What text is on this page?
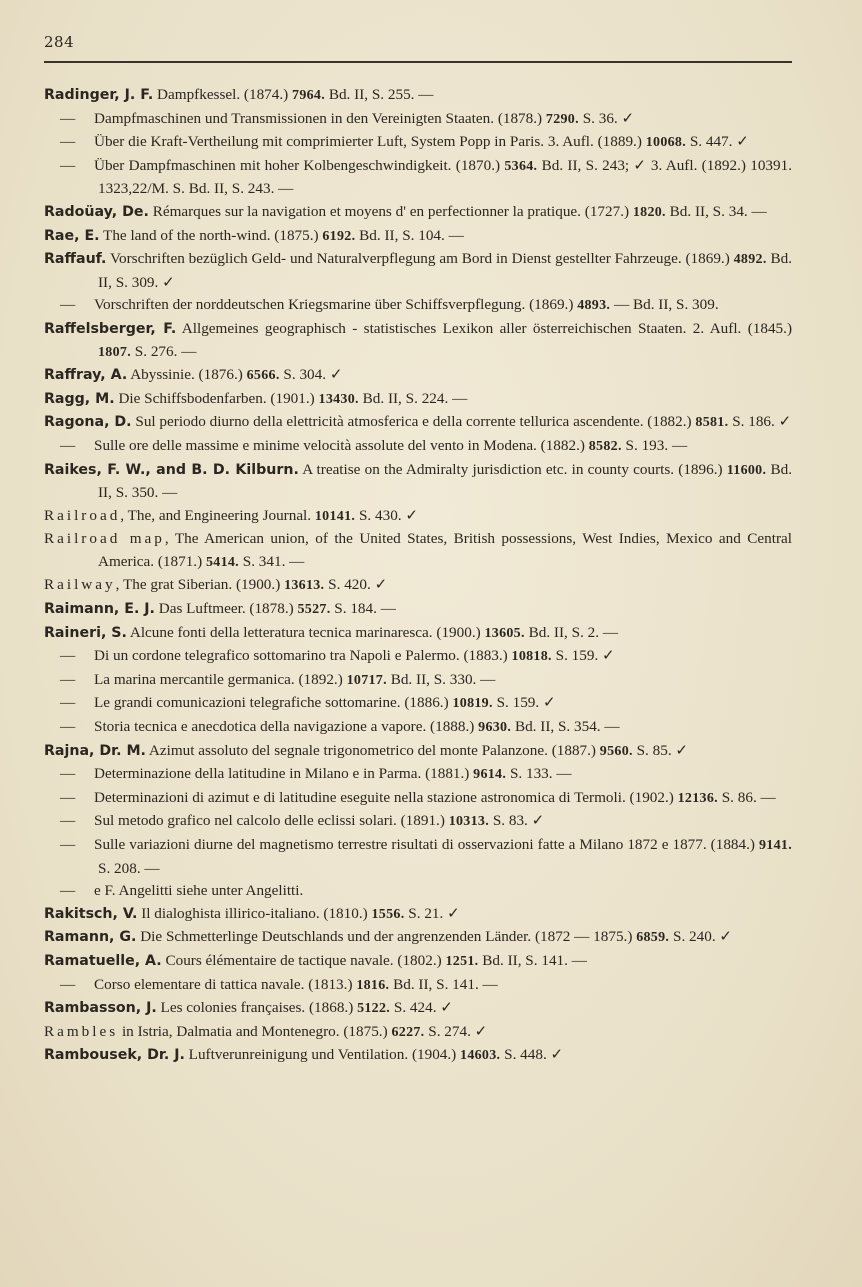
284

Radinger, J. F. Dampfkessel. (1874.) 7964. Bd. II, S. 255. —

— Dampfmaschinen und Transmissionen in den Vereinigten Staaten. (1878.) 7290. S. 36. ✓

— Über die Kraft-Vertheilung mit comprimierter Luft, System Popp in Paris. 3. Aufl. (1889.) 10068. S. 447. ✓

— Über Dampfmaschinen mit hoher Kolbengeschwindigkeit. (1870.) 5364. Bd. II, S. 243; ✓ 3. Aufl. (1892.) 10391. 1323,22/M. S. Bd. II, S. 243. —

Radoüay, De. Rémarques sur la navigation et moyens d' en perfectionner la pratique. (1727.) 1820. Bd. II, S. 34. —

Rae, E. The land of the north-wind. (1875.) 6192. Bd. II, S. 104. —

Raffauf. Vorschriften bezüglich Geld- und Naturalverpflegung am Bord in Dienst gestellter Fahrzeuge. (1869.) 4892. Bd. II, S. 309. ✓

— Vorschriften der norddeutschen Kriegsmarine über Schiffsverpflegung. (1869.) 4893. — Bd. II, S. 309.

Raffelsberger, F. Allgemeines geographisch - statistisches Lexikon aller österreichischen Staaten. 2. Aufl. (1845.) 1807. S. 276. —

Raffray, A. Abyssinie. (1876.) 6566. S. 304. ✓

Ragg, M. Die Schiffsbodenfarben. (1901.) 13430. Bd. II, S. 224. —

Ragona, D. Sul periodo diurno della elettricità atmosferica e della corrente tellurica ascendente. (1882.) 8581. S. 186. ✓

— Sulle ore delle massime e minime velocità assolute del vento in Modena. (1882.) 8582. S. 193. —

Raikes, F. W., and B. D. Kilburn. A treatise on the Admiralty jurisdiction etc. in county courts. (1896.) 11600. Bd. II, S. 350. —

Railroad, The, and Engineering Journal. 10141. S. 430. ✓

Railroad map, The American union, of the United States, British possessions, West Indies, Mexico and Central America. (1871.) 5414. S. 341. —

Railway, The grat Siberian. (1900.) 13613. S. 420. ✓

Raimann, E. J. Das Luftmeer. (1878.) 5527. S. 184. —

Raineri, S. Alcune fonti della letteratura tecnica marinaresca. (1900.) 13605. Bd. II, S. 2. —

— Di un cordone telegrafico sottomarino tra Napoli e Palermo. (1883.) 10818. S. 159. ✓

— La marina mercantile germanica. (1892.) 10717. Bd. II, S. 330. —

— Le grandi comunicazioni telegrafiche sottomarine. (1886.) 10819. S. 159. ✓

— Storia tecnica e anecdotica della navigazione a vapore. (1888.) 9630. Bd. II, S. 354. —

Rajna, Dr. M. Azimut assoluto del segnale trigonometrico del monte Palanzone. (1887.) 9560. S. 85. ✓

— Determinazione della latitudine in Milano e in Parma. (1881.) 9614. S. 133. —

— Determinazioni di azimut e di latitudine eseguite nella stazione astronomica di Termoli. (1902.) 12136. S. 86. —

— Sul metodo grafico nel calcolo delle eclissi solari. (1891.) 10313. S. 83. ✓

— Sulle variazioni diurne del magnetismo terrestre risultati di osservazioni fatte a Milano 1872 e 1877. (1884.) 9141. S. 208. —

— e F. Angelitti siehe unter Angelitti.

Rakitsch, V. Il dialoghista illirico-italiano. (1810.) 1556. S. 21. ✓

Ramann, G. Die Schmetterlinge Deutschlands und der angrenzenden Länder. (1872 — 1875.) 6859. S. 240. ✓

Ramatuelle, A. Cours élémentaire de tactique navale. (1802.) 1251. Bd. II, S. 141. —

— Corso elementare di tattica navale. (1813.) 1816. Bd. II, S. 141. —

Rambasson, J. Les colonies françaises. (1868.) 5122. S. 424. ✓

Rambles in Istria, Dalmatia and Montenegro. (1875.) 6227. S. 274. ✓

Rambousek, Dr. J. Luftverunreinigung und Ventilation. (1904.) 14603. S. 448. ✓
